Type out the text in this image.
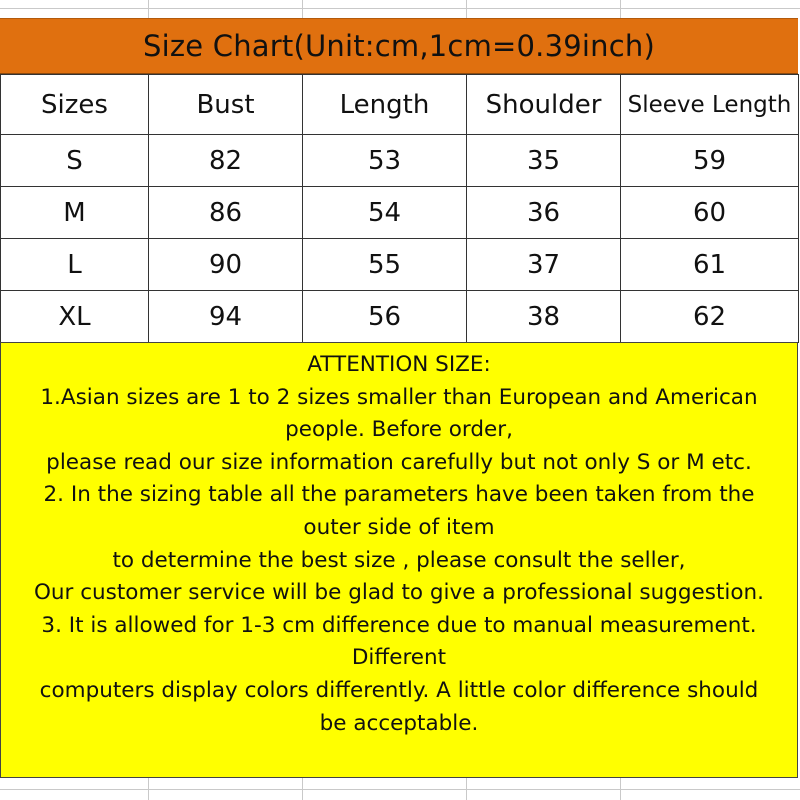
Size Chart(Unit:cm,1cm=0.39inch)
Sizes	Bust	Length	Shoulder	Sleeve Length
S	82	53	35	59
M	86	54	36	60
L	90	55	37	61
XL	94	56	38	62
ATTENTION SIZE:
1.Asian sizes are 1 to 2 sizes smaller than European and American
people. Before order,
please read our size information carefully but not only S or M etc.
2. In the sizing table all the parameters have been taken from the
outer side of item
to determine the best size , please consult the seller,
Our customer service will be glad to give a professional suggestion.
3. It is allowed for 1-3 cm difference due to manual measurement.
Different
computers display colors differently. A little color difference should
be acceptable.
